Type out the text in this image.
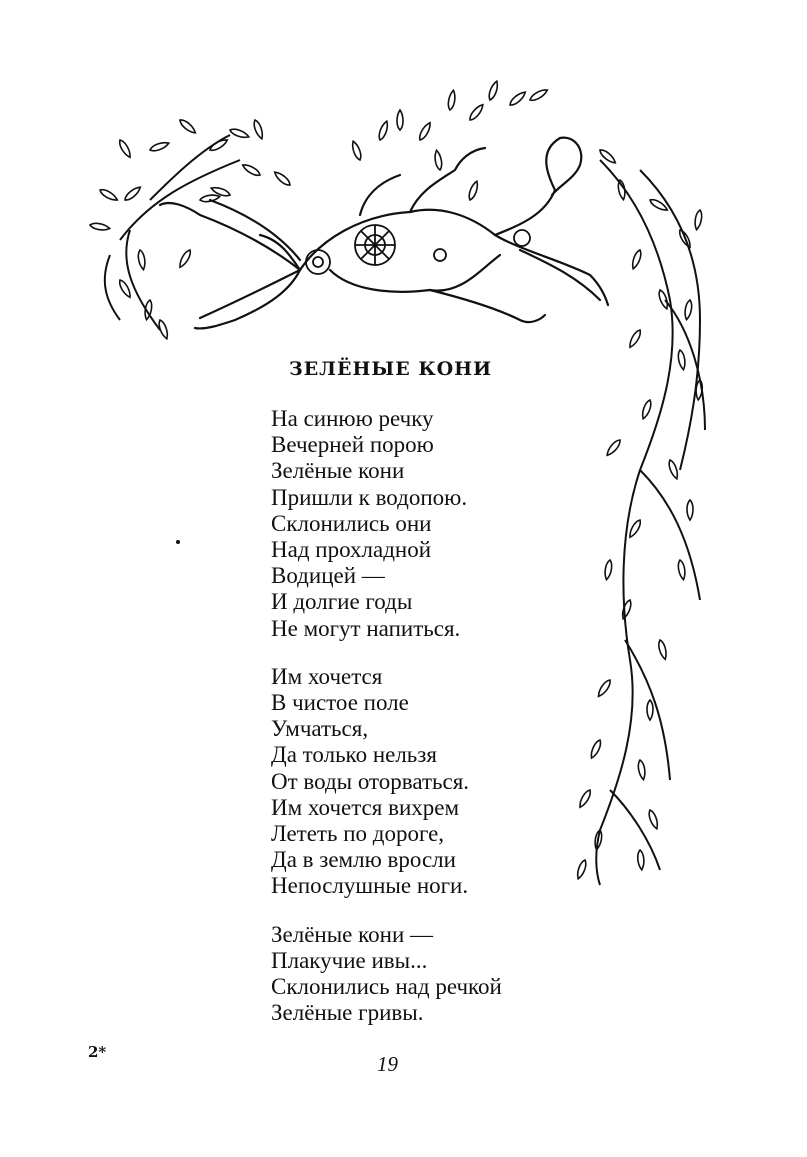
ЗЕЛЁНЫЕ КОНИ
На синюю речку
Вечерней порою
Зелёные кони
Пришли к водопою.
Склонились они
Над прохладной
Водицей —
И долгие годы
Не могут напиться.
Им хочется
В чистое поле
Умчаться,
Да только нельзя
От воды оторваться.
Им хочется вихрем
Лететь по дороге,
Да в землю вросли
Непослушные ноги.
Зелёные кони —
Плакучие ивы...
Склонились над речкой
Зелёные гривы.
2*	19
